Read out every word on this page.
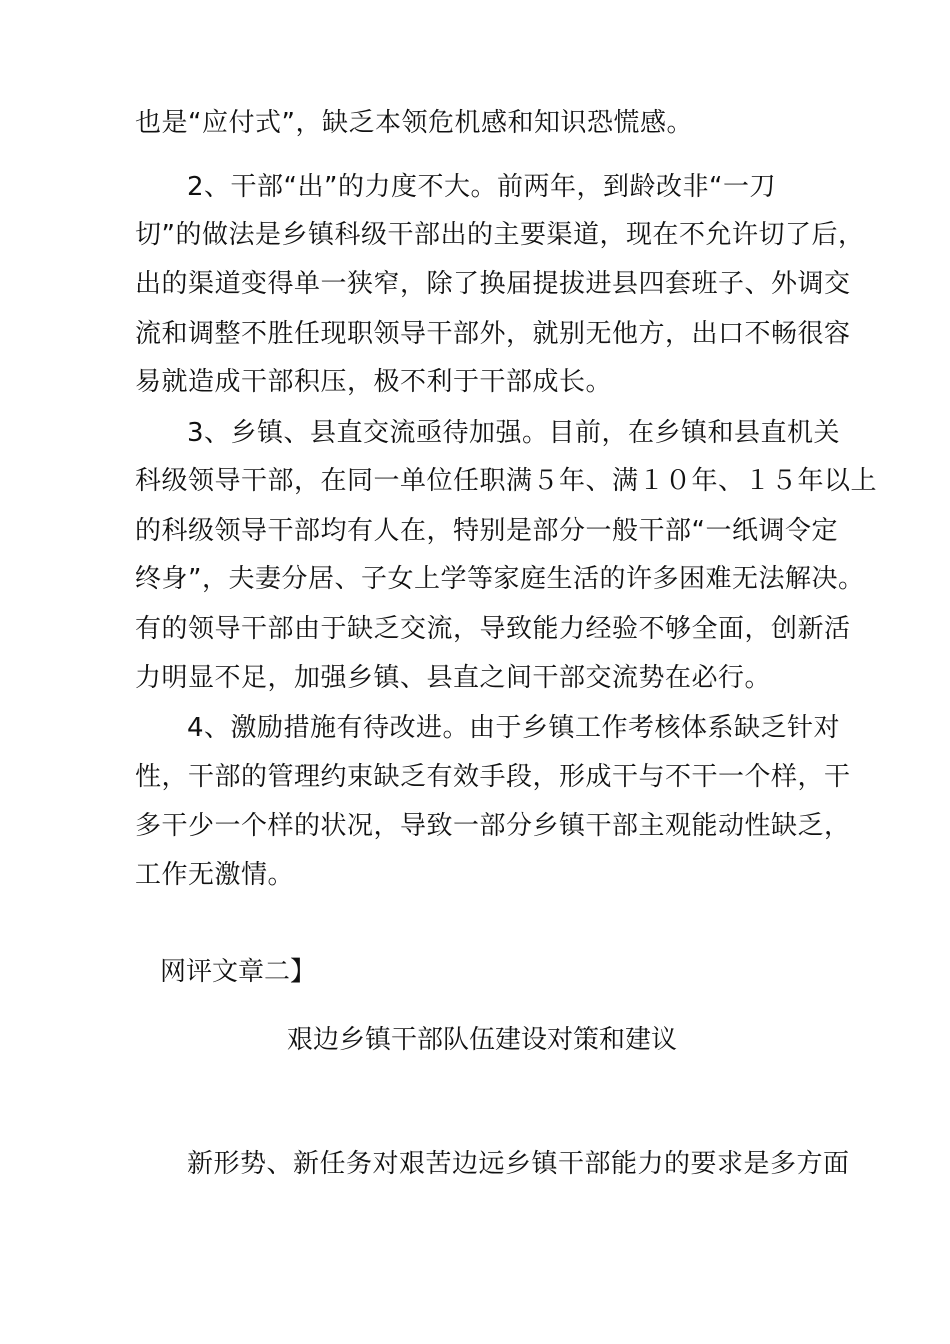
也是“应付式”，缺乏本领危机感和知识恐慌感。
2、干部“出”的力度不大。前两年，到龄改非“一刀
切”的做法是乡镇科级干部出的主要渠道，现在不允许切了后，
出的渠道变得单一狭窄，除了换届提拔进县四套班子、外调交
流和调整不胜任现职领导干部外，就别无他方，出口不畅很容
易就造成干部积压，极不利于干部成长。
3、乡镇、县直交流亟待加强。目前，在乡镇和县直机关
科级领导干部，在同一单位任职满５年、满１０年、１５年以上
的科级领导干部均有人在，特别是部分一般干部“一纸调令定
终身”，夫妻分居、子女上学等家庭生活的许多困难无法解决。
有的领导干部由于缺乏交流，导致能力经验不够全面，创新活
力明显不足，加强乡镇、县直之间干部交流势在必行。
4、激励措施有待改进。由于乡镇工作考核体系缺乏针对
性，干部的管理约束缺乏有效手段，形成干与不干一个样，干
多干少一个样的状况，导致一部分乡镇干部主观能动性缺乏，
工作无激情。
网评文章二】
艰边乡镇干部队伍建设对策和建议
新形势、新任务对艰苦边远乡镇干部能力的要求是多方面
